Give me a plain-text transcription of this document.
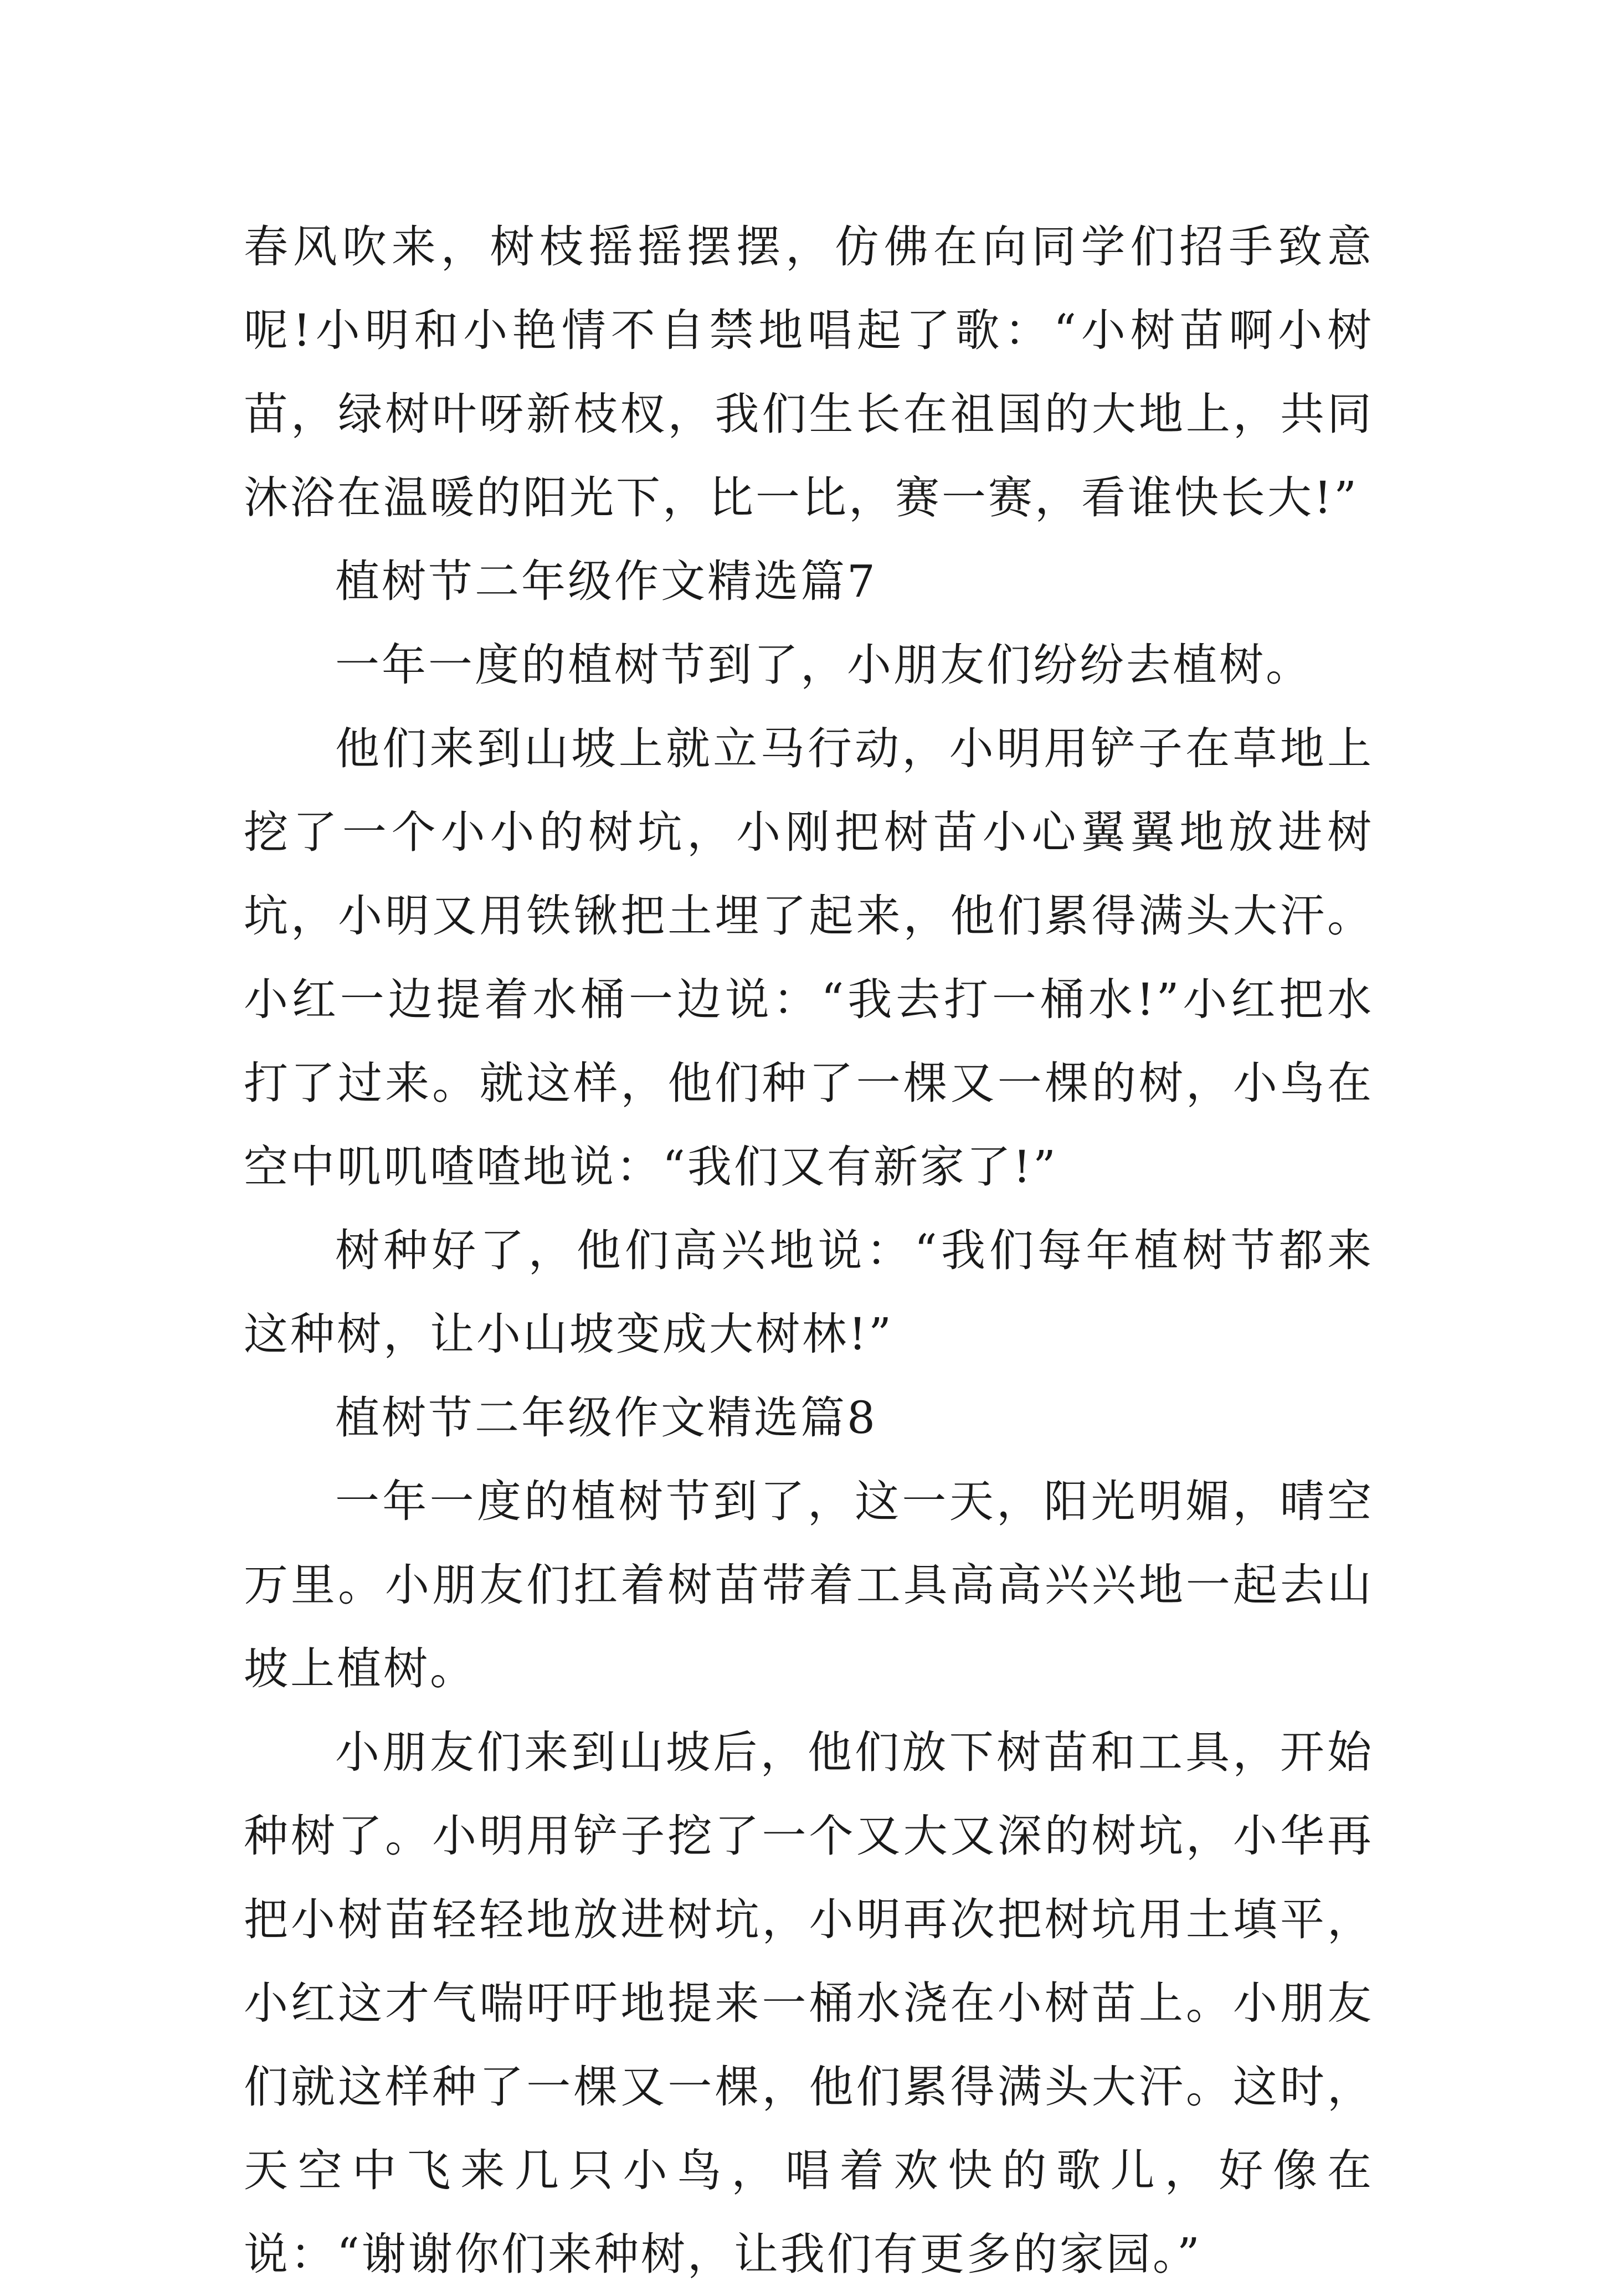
春风吹来，树枝摇摇摆摆，仿佛在向同学们招手致意呢!小明和小艳情不自禁地唱起了歌：“小树苗啊小树苗，绿树叶呀新枝杈，我们生长在祖国的大地上，共同沐浴在温暖的阳光下，比一比，赛一赛，看谁快长大!”

植树节二年级作文精选篇7

一年一度的植树节到了，小朋友们纷纷去植树。

他们来到山坡上就立马行动，小明用铲子在草地上挖了一个小小的树坑，小刚把树苗小心翼翼地放进树坑，小明又用铁锹把土埋了起来，他们累得满头大汗。小红一边提着水桶一边说：“我去打一桶水!”小红把水打了过来。就这样，他们种了一棵又一棵的树，小鸟在空中叽叽喳喳地说：“我们又有新家了!”

树种好了，他们高兴地说：“我们每年植树节都来这种树，让小山坡变成大树林!”

植树节二年级作文精选篇8

一年一度的植树节到了，这一天，阳光明媚，晴空万里。小朋友们扛着树苗带着工具高高兴兴地一起去山坡上植树。

小朋友们来到山坡后，他们放下树苗和工具，开始种树了。小明用铲子挖了一个又大又深的树坑，小华再把小树苗轻轻地放进树坑，小明再次把树坑用土填平，小红这才气喘吁吁地提来一桶水浇在小树苗上。小朋友们就这样种了一棵又一棵，他们累得满头大汗。这时，天空中飞来几只小鸟，唱着欢快的歌儿，好像在说：“谢谢你们来种树，让我们有更多的家园。”
